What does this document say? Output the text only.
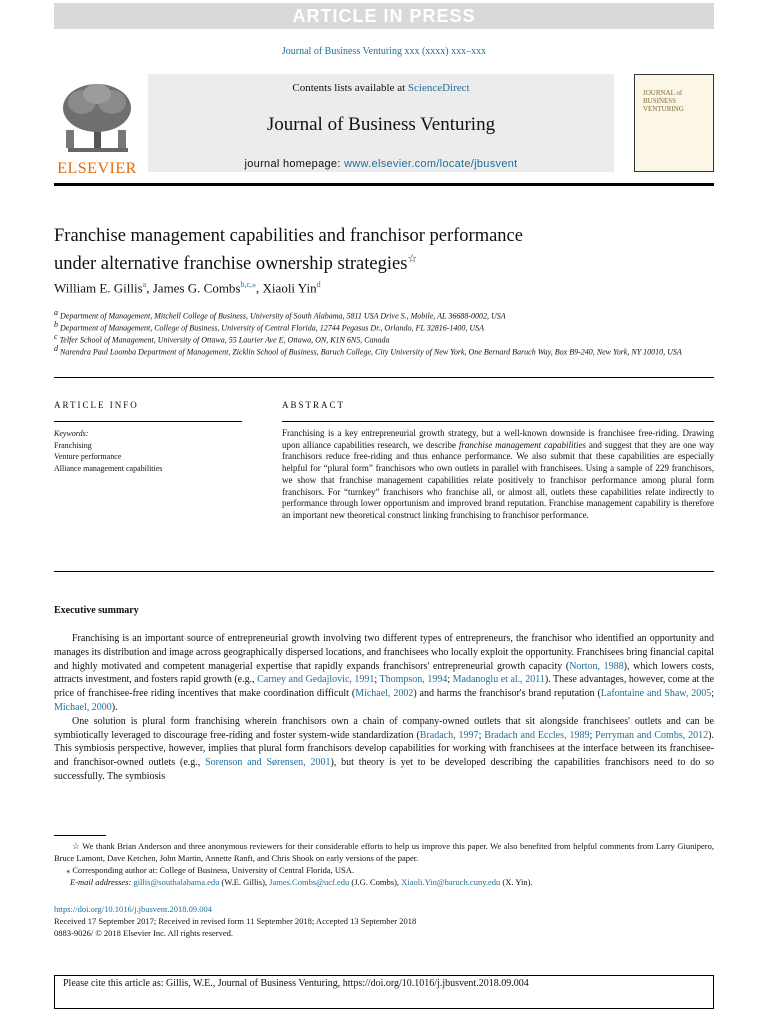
ARTICLE IN PRESS
Journal of Business Venturing xxx (xxxx) xxx–xxx
ELSEVIER
Contents lists available at ScienceDirect
Journal of Business Venturing
journal homepage: www.elsevier.com/locate/jbusvent
JOURNAL of BUSINESS VENTURING
Franchise management capabilities and franchisor performance
under alternative franchise ownership strategies☆
William E. Gillis$^a$, James G. Combs$^{b,c,⁎}$, Xiaoli Yin$^d$
$^a$ Department of Management, Mitchell College of Business, University of South Alabama, 5811 USA Drive S., Mobile, AL 36688-0002, USA
$^b$ Department of Management, College of Business, University of Central Florida, 12744 Pegasus Dr., Orlando, FL 32816-1400, USA
$^c$ Telfer School of Management, University of Ottawa, 55 Laurier Ave E, Ottawa, ON, K1N 6N5, Canada
$^d$ Narendra Paul Loomba Department of Management, Zicklin School of Business, Baruch College, City University of New York, One Bernard Baruch Way, Box B9-240, New York, NY 10010, USA
ARTICLE INFO	ABSTRACT
Keywords:
Franchising
Venture performance
Alliance management capabilities
Franchising is a key entrepreneurial growth strategy, but a well-known downside is franchisee free-riding. Drawing upon alliance capabilities research, we describe franchise management capabilities and suggest that they are one way franchisors reduce free-riding and thus enhance performance. We also submit that these capabilities are especially helpful for “plural form” franchisors who own outlets in parallel with franchisees. Using a sample of 229 franchisors, we show that franchise management capabilities relate positively to franchisor performance among plural form franchisors. For “turnkey” franchisors who franchise all, or almost all, outlets these capabilities relate indirectly to performance through lower opportunism and improved brand reputation. Franchise management capability is therefore an important new theoretical construct linking franchising to franchisor performance.
Executive summary

Franchising is an important source of entrepreneurial growth involving two different types of entrepreneurs, the franchisor who identified an opportunity and manages its distribution and image across geographically dispersed locations, and franchisees who locally exploit the opportunity. Franchisees bring financial capital and highly motivated and competent managerial expertise that rapidly expands franchisors' entrepreneurial growth capacity (Norton, 1988), which lowers costs, attracts investment, and fosters rapid growth (e.g., Carney and Gedajlovic, 1991; Thompson, 1994; Madanoglu et al., 2011). These advantages, however, come at the price of franchisee-free riding incentives that make coordination difficult (Michael, 2002) and harms the franchisor's brand reputation (Lafontaine and Shaw, 2005; Michael, 2000).

One solution is plural form franchising wherein franchisors own a chain of company-owned outlets that sit alongside franchisees' outlets and can be symbiotically leveraged to discourage free-riding and foster system-wide standardization (Bradach, 1997; Bradach and Eccles, 1989; Perryman and Combs, 2012). This symbiosis perspective, however, implies that plural form franchisors develop capabilities for working with franchisees at the interface between its franchisee- and franchisor-owned outlets (e.g., Sorenson and Sørensen, 2001), but theory is yet to be developed describing the capabilities franchisors need to do so successfully. The symbiosis

☆ We thank Brian Anderson and three anonymous reviewers for their considerable efforts to help us improve this paper. We also benefited from helpful comments from Larry Giunipero, Bruce Lamont, Dave Ketchen, John Martin, Annette Ranft, and Chris Shook on early versions of the paper.

⁎ Corresponding author at: College of Business, University of Central Florida, USA.

E-mail addresses: gillis@southalabama.edu (W.E. Gillis), James.Combs@ucf.edu (J.G. Combs), Xiaoli.Yin@baruch.cuny.edu (X. Yin).

https://doi.org/10.1016/j.jbusvent.2018.09.004
Received 17 September 2017; Received in revised form 11 September 2018; Accepted 13 September 2018
0883-9026/ © 2018 Elsevier Inc. All rights reserved.
Please cite this article as: Gillis, W.E., Journal of Business Venturing, https://doi.org/10.1016/j.jbusvent.2018.09.004
